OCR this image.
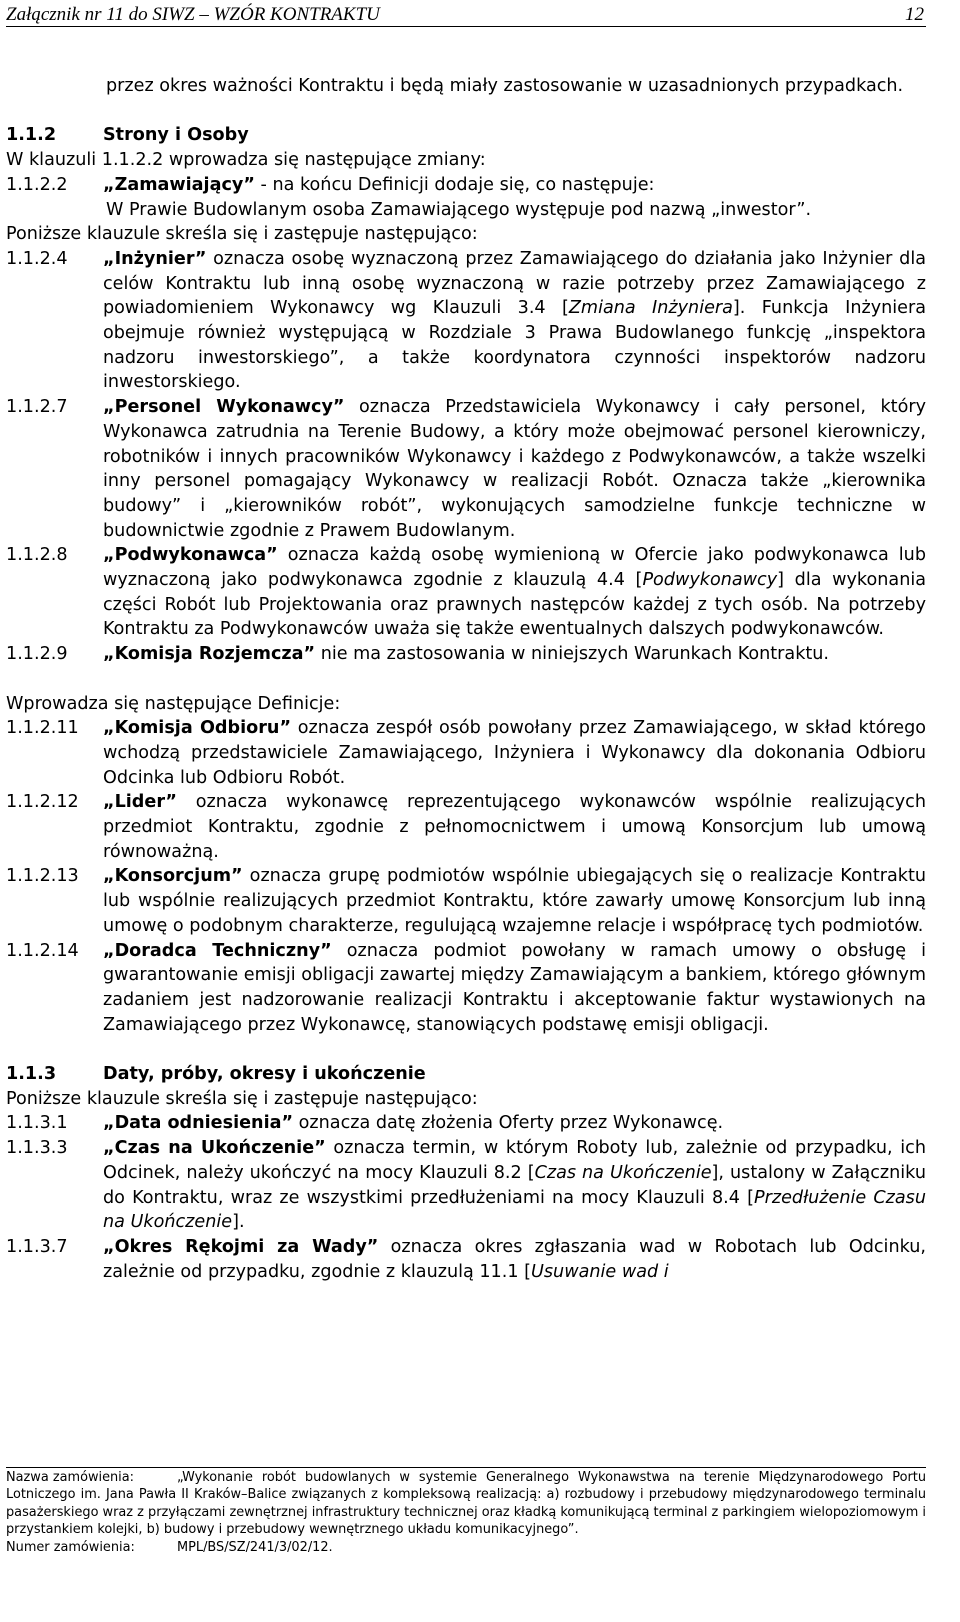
Załącznik nr 11 do SIWZ – WZÓR KONTRAKTU	12

przez okres ważności Kontraktu i będą miały zastosowanie w uzasadnionych przypadkach.

1.1.2	Strony i Osoby

W klauzuli 1.1.2.2 wprowadza się następujące zmiany:

1.1.2.2	„Zamawiający” - na końcu Definicji dodaje się, co następuje:

W Prawie Budowlanym osoba Zamawiającego występuje pod nazwą „inwestor”.

Poniższe klauzule skreśla się i zastępuje następująco:

1.1.2.4	„Inżynier” oznacza osobę wyznaczoną przez Zamawiającego do działania jako Inżynier dla celów Kontraktu lub inną osobę wyznaczoną w razie potrzeby przez Zamawiającego z powiadomieniem Wykonawcy wg Klauzuli 3.4 [Zmiana Inżyniera]. Funkcja Inżyniera obejmuje również występującą w Rozdziale 3 Prawa Budowlanego funkcję „inspektora nadzoru inwestorskiego”, a także koordynatora czynności inspektorów nadzoru inwestorskiego.
1.1.2.7	„Personel Wykonawcy” oznacza Przedstawiciela Wykonawcy i cały personel, który Wykonawca zatrudnia na Terenie Budowy, a który może obejmować personel kierowniczy, robotników i innych pracowników Wykonawcy i każdego z Podwykonawców, a także wszelki inny personel pomagający Wykonawcy w realizacji Robót. Oznacza także „kierownika budowy” i „kierowników robót”, wykonujących samodzielne funkcje techniczne w budownictwie zgodnie z Prawem Budowlanym.
1.1.2.8	„Podwykonawca” oznacza każdą osobę wymienioną w Ofercie jako podwykonawca lub wyznaczoną jako podwykonawca zgodnie z klauzulą 4.4 [Podwykonawcy] dla wykonania części Robót lub Projektowania oraz prawnych następców każdej z tych osób. Na potrzeby Kontraktu za Podwykonawców uważa się także ewentualnych dalszych podwykonawców.
1.1.2.9	„Komisja Rozjemcza” nie ma zastosowania w niniejszych Warunkach Kontraktu.

Wprowadza się następujące Definicje:

1.1.2.11	„Komisja Odbioru” oznacza zespół osób powołany przez Zamawiającego, w skład którego wchodzą przedstawiciele Zamawiającego, Inżyniera i Wykonawcy dla dokonania Odbioru Odcinka lub Odbioru Robót.
1.1.2.12	„Lider” oznacza wykonawcę reprezentującego wykonawców wspólnie realizujących przedmiot Kontraktu, zgodnie z pełnomocnictwem i umową Konsorcjum lub umową równoważną.
1.1.2.13	„Konsorcjum” oznacza grupę podmiotów wspólnie ubiegających się o realizacje Kontraktu lub wspólnie realizujących przedmiot Kontraktu, które zawarły umowę Konsorcjum lub inną umowę o podobnym charakterze, regulującą wzajemne relacje i współpracę tych podmiotów.
1.1.2.14	„Doradca Techniczny” oznacza podmiot powołany w ramach umowy o obsługę i gwarantowanie emisji obligacji zawartej między Zamawiającym a bankiem, którego głównym zadaniem jest nadzorowanie realizacji Kontraktu i akceptowanie faktur wystawionych na Zamawiającego przez Wykonawcę, stanowiących podstawę emisji obligacji.
1.1.3	Daty, próby, okresy i ukończenie

Poniższe klauzule skreśla się i zastępuje następująco:

1.1.3.1	„Data odniesienia” oznacza datę złożenia Oferty przez Wykonawcę.
1.1.3.3	„Czas na Ukończenie” oznacza termin, w którym Roboty lub, zależnie od przypadku, ich Odcinek, należy ukończyć na mocy Klauzuli 8.2 [Czas na Ukończenie], ustalony w Załączniku do Kontraktu, wraz ze wszystkimi przedłużeniami na mocy Klauzuli 8.4 [Przedłużenie Czasu na Ukończenie].
1.1.3.7	„Okres Rękojmi za Wady” oznacza okres zgłaszania wad w Robotach lub Odcinku, zależnie od przypadku, zgodnie z klauzulą 11.1 [Usuwanie wad i

Nazwa zamówienia:	„Wykonanie robót budowlanych w systemie Generalnego Wykonawstwa na terenie Międzynarodowego Portu Lotniczego im. Jana Pawła II Kraków–Balice związanych z kompleksową realizacją: a) rozbudowy i przebudowy międzynarodowego terminalu pasażerskiego wraz z przyłączami zewnętrznej infrastruktury technicznej oraz kładką komunikującą terminal z parkingiem wielopoziomowym i przystankiem kolejki, b) budowy i przebudowy wewnętrznego układu komunikacyjnego”.

Numer zamówienia:	MPL/BS/SZ/241/3/02/12.
